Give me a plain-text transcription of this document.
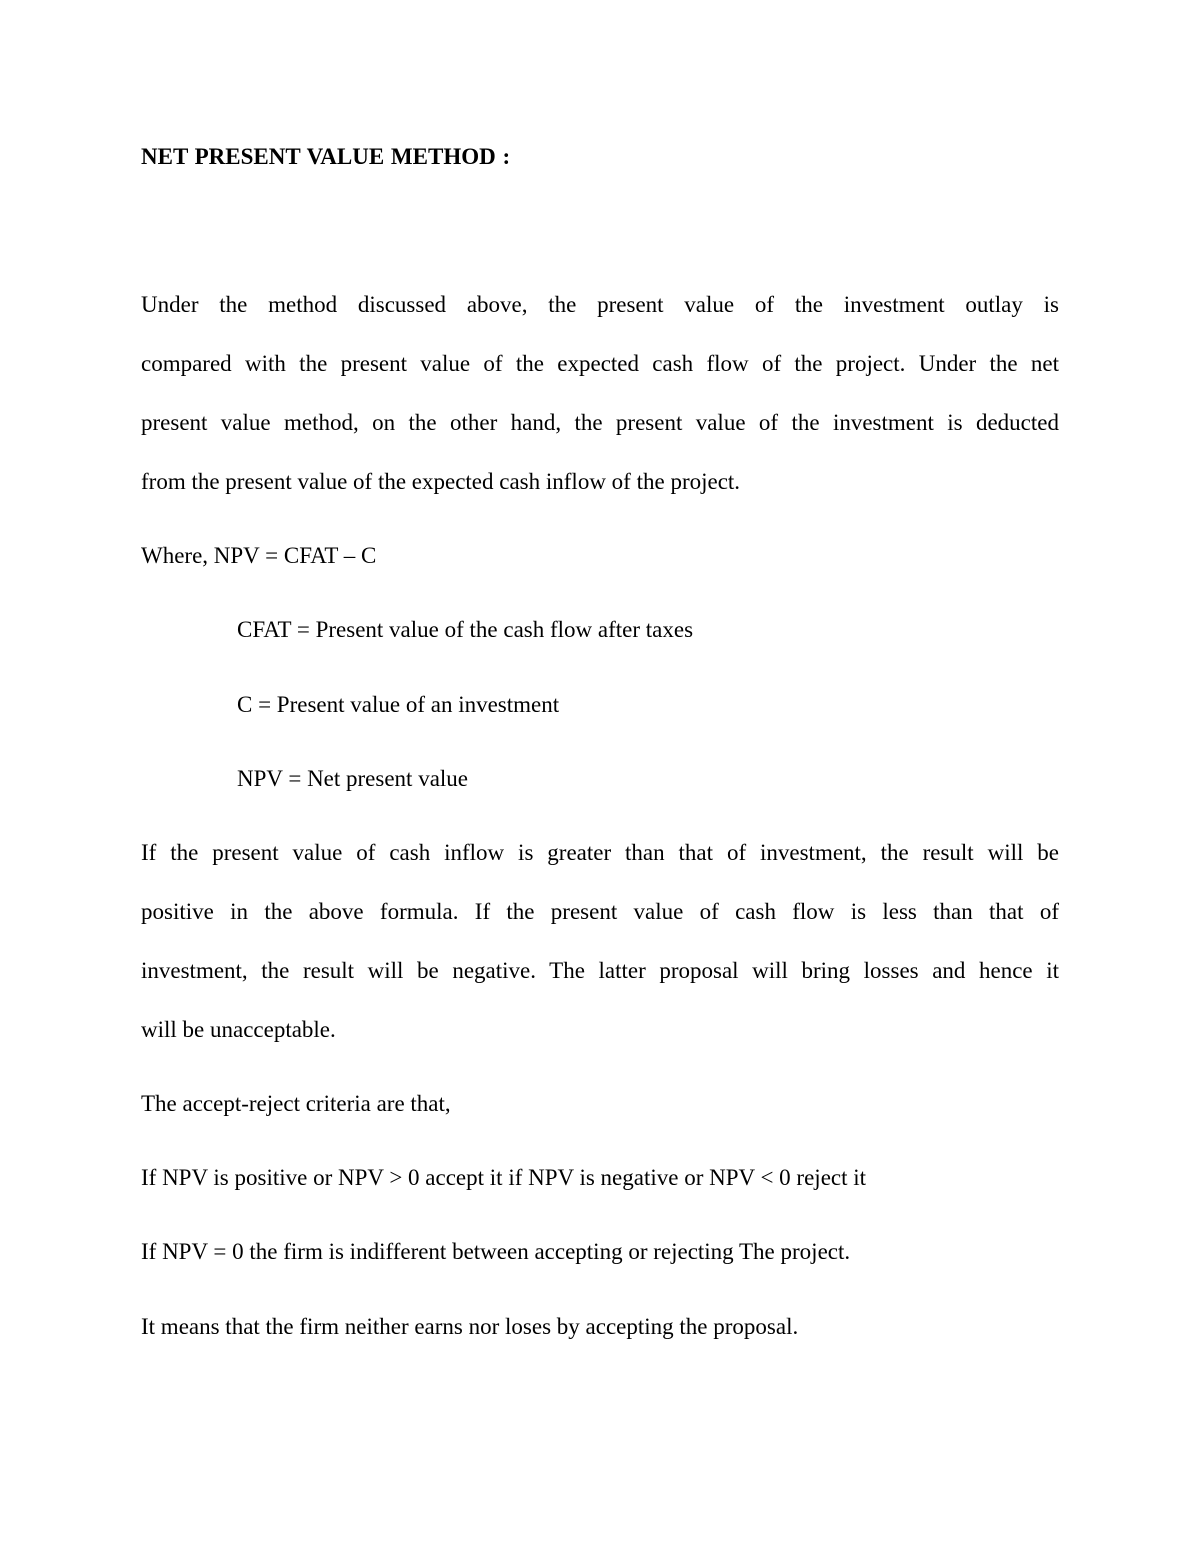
NET PRESENT VALUE METHOD :
Under the method discussed above, the present value of the investment outlay is
compared with the present value of the expected cash flow of the project. Under the net
present value method, on the other hand, the present value of the investment is deducted
from the present value of the expected cash inflow of the project.
Where, NPV = CFAT – C
CFAT = Present value of the cash flow after taxes
C = Present value of an investment
NPV = Net present value
If the present value of cash inflow is greater than that of investment, the result will be
positive in the above formula. If the present value of cash flow is less than that of
investment, the result will be negative. The latter proposal will bring losses and hence it
will be unacceptable.
The accept-reject criteria are that,
If NPV is positive or NPV > 0 accept it if NPV is negative or NPV < 0 reject it
If NPV = 0 the firm is indifferent between accepting or rejecting The project.
It means that the firm neither earns nor loses by accepting the proposal.
